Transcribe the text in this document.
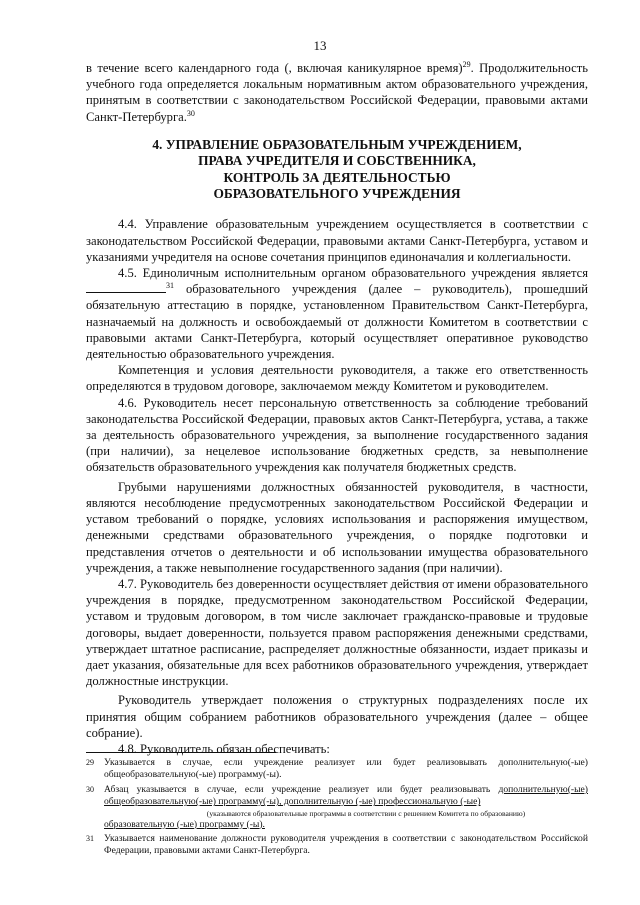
13

в течение всего календарного года (, включая каникулярное время)$^{29}$. Продолжительность учебного года определяется локальным нормативным актом образовательного учреждения, принятым в соответствии с законодательством Российской Федерации, правовыми актами Санкт-Петербурга.$^{30}$

4. УПРАВЛЕНИЕ ОБРАЗОВАТЕЛЬНЫМ УЧРЕЖДЕНИЕМ,
ПРАВА УЧРЕДИТЕЛЯ И СОБСТВЕННИКА,
КОНТРОЛЬ ЗА ДЕЯТЕЛЬНОСТЬЮ
ОБРАЗОВАТЕЛЬНОГО УЧРЕЖДЕНИЯ

4.4. Управление образовательным учреждением осуществляется в соответствии с законодательством Российской Федерации, правовыми актами Санкт-Петербурга, уставом и указаниями учредителя на основе сочетания принципов единоначалия и коллегиальности.

4.5. Единоличным исполнительным органом образовательного учреждения является $^{31}$ образовательного учреждения (далее – руководитель), прошедший обязательную аттестацию в порядке, установленном Правительством Санкт-Петербурга, назначаемый на должность и освобождаемый от должности Комитетом в соответствии с правовыми актами Санкт-Петербурга, который осуществляет оперативное руководство деятельностью образовательного учреждения.

Компетенция и условия деятельности руководителя, а также его ответственность определяются в трудовом договоре, заключаемом между Комитетом и руководителем.

4.6. Руководитель несет персональную ответственность за соблюдение требований законодательства Российской Федерации, правовых актов Санкт-Петербурга, устава, а также за деятельность образовательного учреждения, за выполнение государственного задания (при наличии), за нецелевое использование бюджетных средств, за невыполнение обязательств образовательного учреждения как получателя бюджетных средств.

Грубыми нарушениями должностных обязанностей руководителя, в частности, являются несоблюдение предусмотренных законодательством Российской Федерации и уставом требований о порядке, условиях использования и распоряжения имуществом, денежными средствами образовательного учреждения, о порядке подготовки и представления отчетов о деятельности и об использовании имущества образовательного учреждения, а также невыполнение государственного задания (при наличии).

4.7. Руководитель без доверенности осуществляет действия от имени образовательного учреждения в порядке, предусмотренном законодательством Российской Федерации, уставом и трудовым договором, в том числе заключает гражданско-правовые и трудовые договоры, выдает доверенности, пользуется правом распоряжения денежными средствами, утверждает штатное расписание, распределяет должностные обязанности, издает приказы и дает указания, обязательные для всех работников образовательного учреждения, утверждает должностные инструкции.

Руководитель утверждает положения о структурных подразделениях после их принятия общим собранием работников образовательного учреждения (далее – общее собрание).

4.8. Руководитель обязан обеспечивать:

29	Указывается в случае, если учреждение реализует или будет реализовывать дополнительную(-ые) общеобразовательную(-ые) программу(-ы).
30	Абзац указывается в случае, если учреждение реализует или будет реализовывать дополнительную(-ые) общеобразовательную(-ые) программу(-ы), дополнительную (-ые) профессиональную (-ые)
(указываются образовательные программы в соответствии с решением Комитета по образованию)
образовательную (-ые) программу (-ы).
31	Указывается наименование должности руководителя учреждения в соответствии с законодательством Российской Федерации, правовыми актами Санкт-Петербурга.
